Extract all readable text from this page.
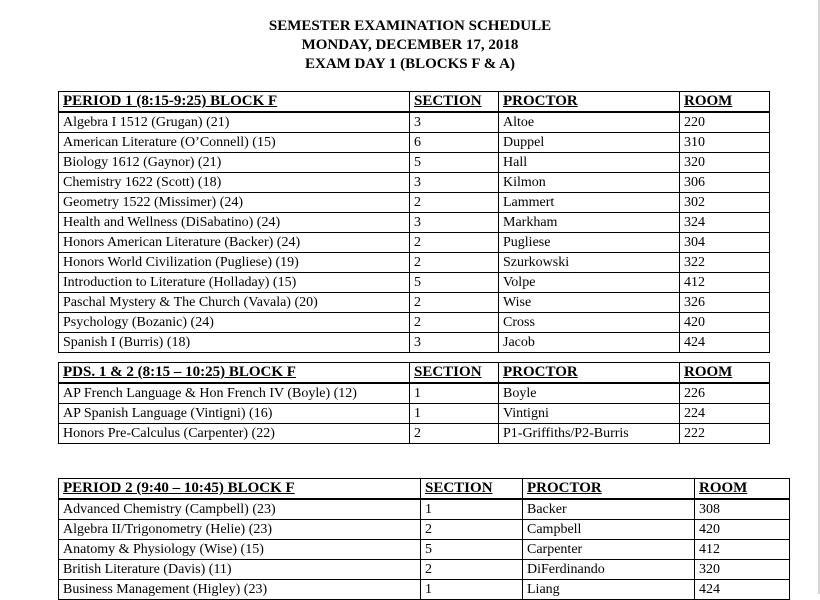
SEMESTER EXAMINATION SCHEDULE
MONDAY, DECEMBER 17, 2018
EXAM DAY 1 (BLOCKS F & A)
PERIOD 1 (8:15-9:25) BLOCK F	SECTION	PROCTOR	ROOM
Algebra I 1512 (Grugan) (21)	3	Altoe	220
American Literature (O’Connell) (15)	6	Duppel	310
Biology 1612 (Gaynor) (21)	5	Hall	320
Chemistry 1622 (Scott) (18)	3	Kilmon	306
Geometry 1522 (Missimer) (24)	2	Lammert	302
Health and Wellness (DiSabatino) (24)	3	Markham	324
Honors American Literature (Backer) (24)	2	Pugliese	304
Honors World Civilization (Pugliese) (19)	2	Szurkowski	322
Introduction to Literature (Holladay) (15)	5	Volpe	412
Paschal Mystery & The Church (Vavala) (20)	2	Wise	326
Psychology (Bozanic) (24)	2	Cross	420
Spanish I (Burris) (18)	3	Jacob	424
PDS. 1 & 2 (8:15 – 10:25) BLOCK F	SECTION	PROCTOR	ROOM
AP French Language & Hon French IV (Boyle) (12)	1	Boyle	226
AP Spanish Language (Vintigni) (16)	1	Vintigni	224
Honors Pre-Calculus (Carpenter) (22)	2	P1-Griffiths/P2-Burris	222
PERIOD 2 (9:40 – 10:45) BLOCK F	SECTION	PROCTOR	ROOM
Advanced Chemistry (Campbell) (23)	1	Backer	308
Algebra II/Trigonometry (Helie) (23)	2	Campbell	420
Anatomy & Physiology (Wise) (15)	5	Carpenter	412
British Literature (Davis) (11)	2	DiFerdinando	320
Business Management (Higley) (23)	1	Liang	424
